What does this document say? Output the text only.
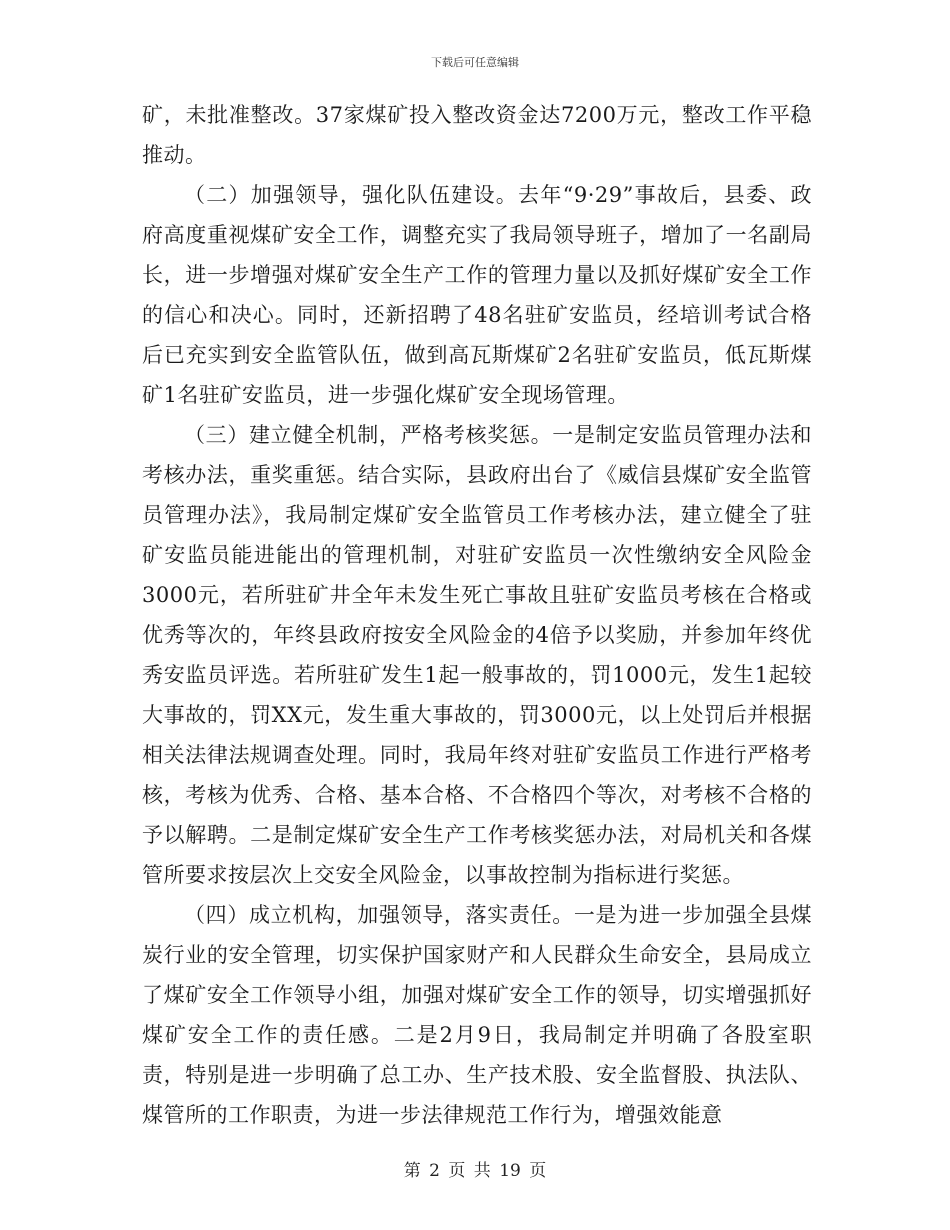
下载后可任意编辑

矿，未批准整改。37家煤矿投入整改资金达7200万元，整改工作平稳推动。

（二）加强领导，强化队伍建设。去年“9·29”事故后，县委、政府高度重视煤矿安全工作，调整充实了我局领导班子，增加了一名副局长，进一步增强对煤矿安全生产工作的管理力量以及抓好煤矿安全工作的信心和决心。同时，还新招聘了48名驻矿安监员，经培训考试合格后已充实到安全监管队伍，做到高瓦斯煤矿2名驻矿安监员，低瓦斯煤矿1名驻矿安监员，进一步强化煤矿安全现场管理。

（三）建立健全机制，严格考核奖惩。一是制定安监员管理办法和考核办法，重奖重惩。结合实际，县政府出台了《威信县煤矿安全监管员管理办法》，我局制定煤矿安全监管员工作考核办法，建立健全了驻矿安监员能进能出的管理机制，对驻矿安监员一次性缴纳安全风险金3000元，若所驻矿井全年未发生死亡事故且驻矿安监员考核在合格或优秀等次的，年终县政府按安全风险金的4倍予以奖励，并参加年终优秀安监员评选。若所驻矿发生1起一般事故的，罚1000元，发生1起较大事故的，罚XX元，发生重大事故的，罚3000元，以上处罚后并根据相关法律法规调查处理。同时，我局年终对驻矿安监员工作进行严格考核，考核为优秀、合格、基本合格、不合格四个等次，对考核不合格的予以解聘。二是制定煤矿安全生产工作考核奖惩办法，对局机关和各煤管所要求按层次上交安全风险金，以事故控制为指标进行奖惩。

（四）成立机构，加强领导，落实责任。一是为进一步加强全县煤炭行业的安全管理，切实保护国家财产和人民群众生命安全，县局成立了煤矿安全工作领导小组，加强对煤矿安全工作的领导，切实增强抓好煤矿安全工作的责任感。二是2月9日，我局制定并明确了各股室职责，特别是进一步明确了总工办、生产技术股、安全监督股、执法队、煤管所的工作职责，为进一步法律规范工作行为，增强效能意

第 2 页 共 19 页
